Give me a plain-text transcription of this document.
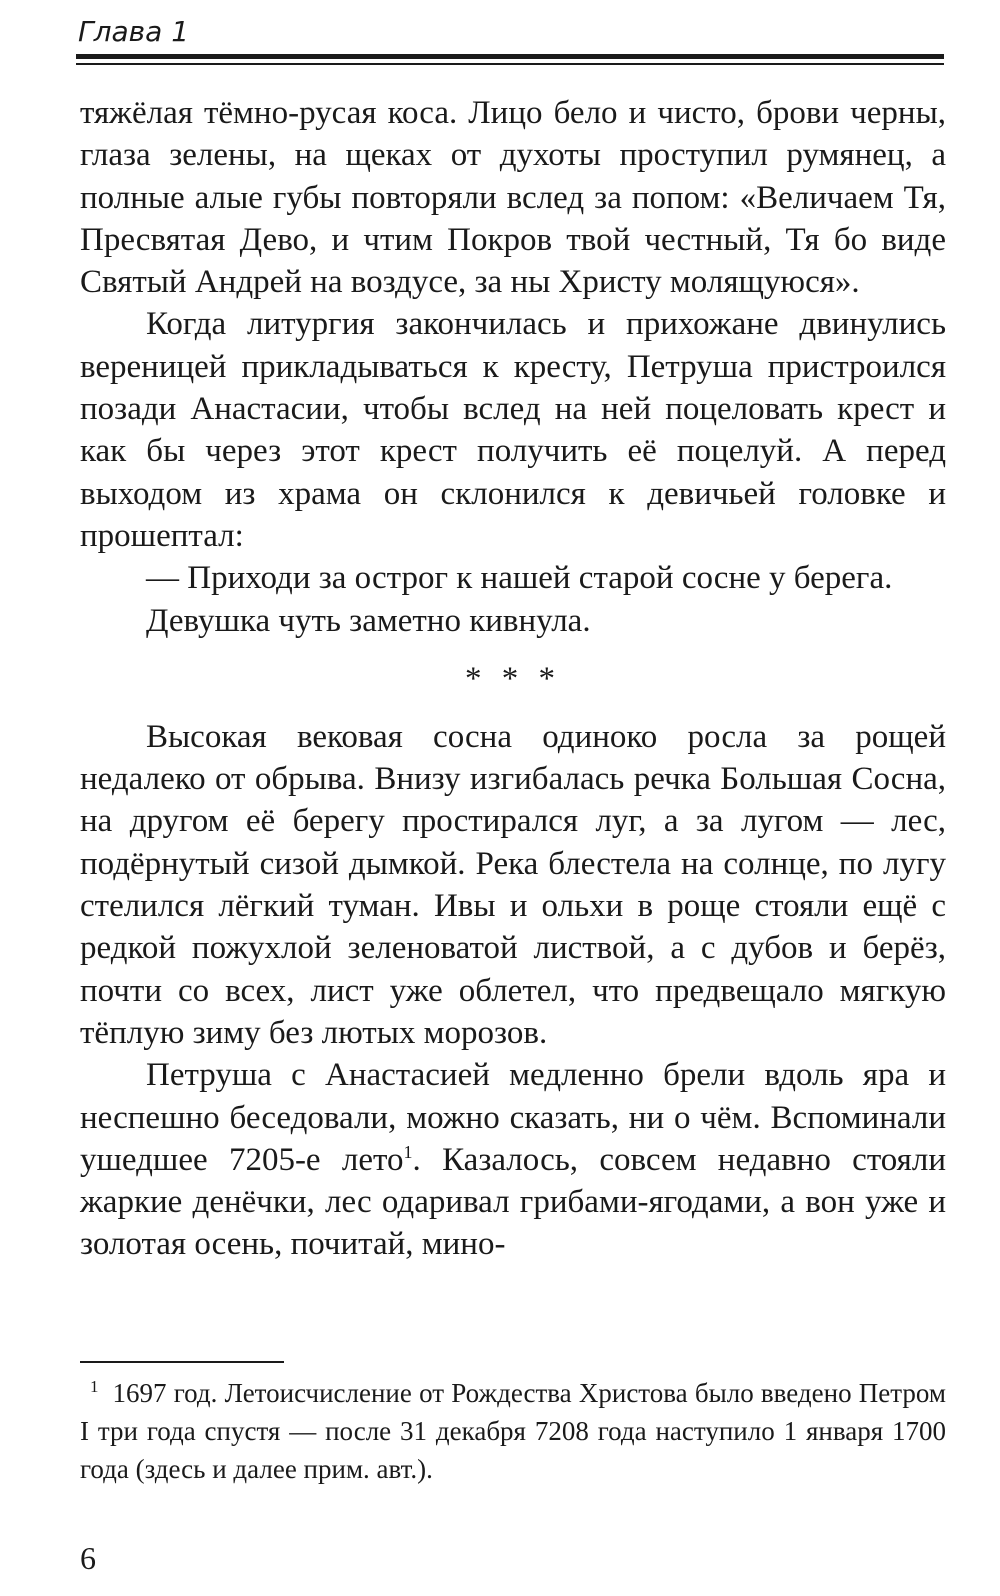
Глава 1

тяжёлая тёмно-русая коса. Лицо бело и чисто, брови черны, глаза зелены, на щеках от духоты проступил румянец, а полные алые губы повторяли вслед за попом: «Величаем Тя, Пресвятая Дево, и чтим Покров твой честный, Тя бо виде Святый Андрей на воздусе, за ны Христу молящуюся».

Когда литургия закончилась и прихожане двинулись вереницей прикладываться к кресту, Петруша пристроился позади Анастасии, чтобы вслед на ней поцеловать крест и как бы через этот крест получить её поцелуй. А перед выходом из храма он склонился к девичьей головке и прошептал:

— Приходи за острог к нашей старой сосне у берега.

Девушка чуть заметно кивнула.

* * *

Высокая вековая сосна одиноко росла за рощей недалеко от обрыва. Внизу изгибалась речка Большая Сосна, на другом её берегу простирался луг, а за лугом — лес, подёрнутый сизой дымкой. Река блестела на солнце, по лугу стелился лёгкий туман. Ивы и ольхи в роще стояли ещё с редкой пожухлой зеленоватой листвой, а с дубов и берёз, почти со всех, лист уже облетел, что предвещало мягкую тёплую зиму без лютых морозов.

Петруша с Анастасией медленно брели вдоль яра и неспешно беседовали, можно сказать, ни о чём. Вспоминали ушедшее 7205-е лето$^1$. Казалось, совсем недавно стояли жаркие денёчки, лес одаривал грибами-ягодами, а вон уже и золотая осень, почитай, мино-

$^1$ 1697 год. Летоисчисление от Рождества Христова было введено Петром I три года спустя — после 31 декабря 7208 года наступило 1 января 1700 года (здесь и далее прим. авт.).
6
